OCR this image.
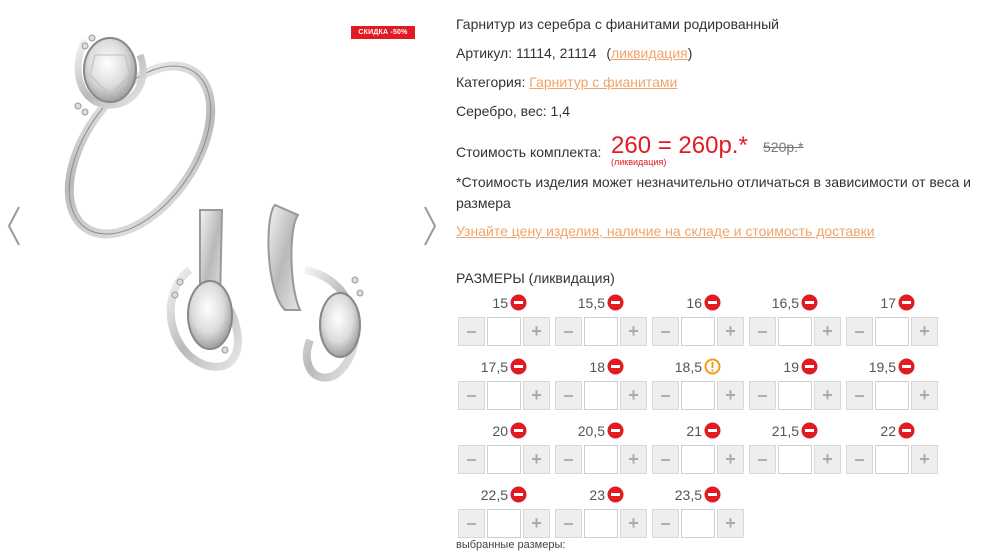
СКИДКА -50%
Гарнитур из серебра с фианитами родированный
Артикул: 11114, 21114 (ликвидация)
Категория: Гарнитур с фианитами
Серебро, вес: 1,4
Стоимость комплекта: 260 = 260р.*
(ликвидация)
520р.*
*Стоимость изделия может незначительно отличаться в зависимости от веса и размера
Узнайте цену изделия, наличие на складе и стоимость доставки
РАЗМЕРЫ (ликвидация)
15
–	+
15,5
–	+
16
–	+
16,5
–	+
17
–	+
17,5
–	+
18
–	+
18,5
–	+
19
–	+
19,5
–	+
20
–	+
20,5
–	+
21
–	+
21,5
–	+
22
–	+
22,5
–	+
23
–	+
23,5
–	+
выбранные размеры:
